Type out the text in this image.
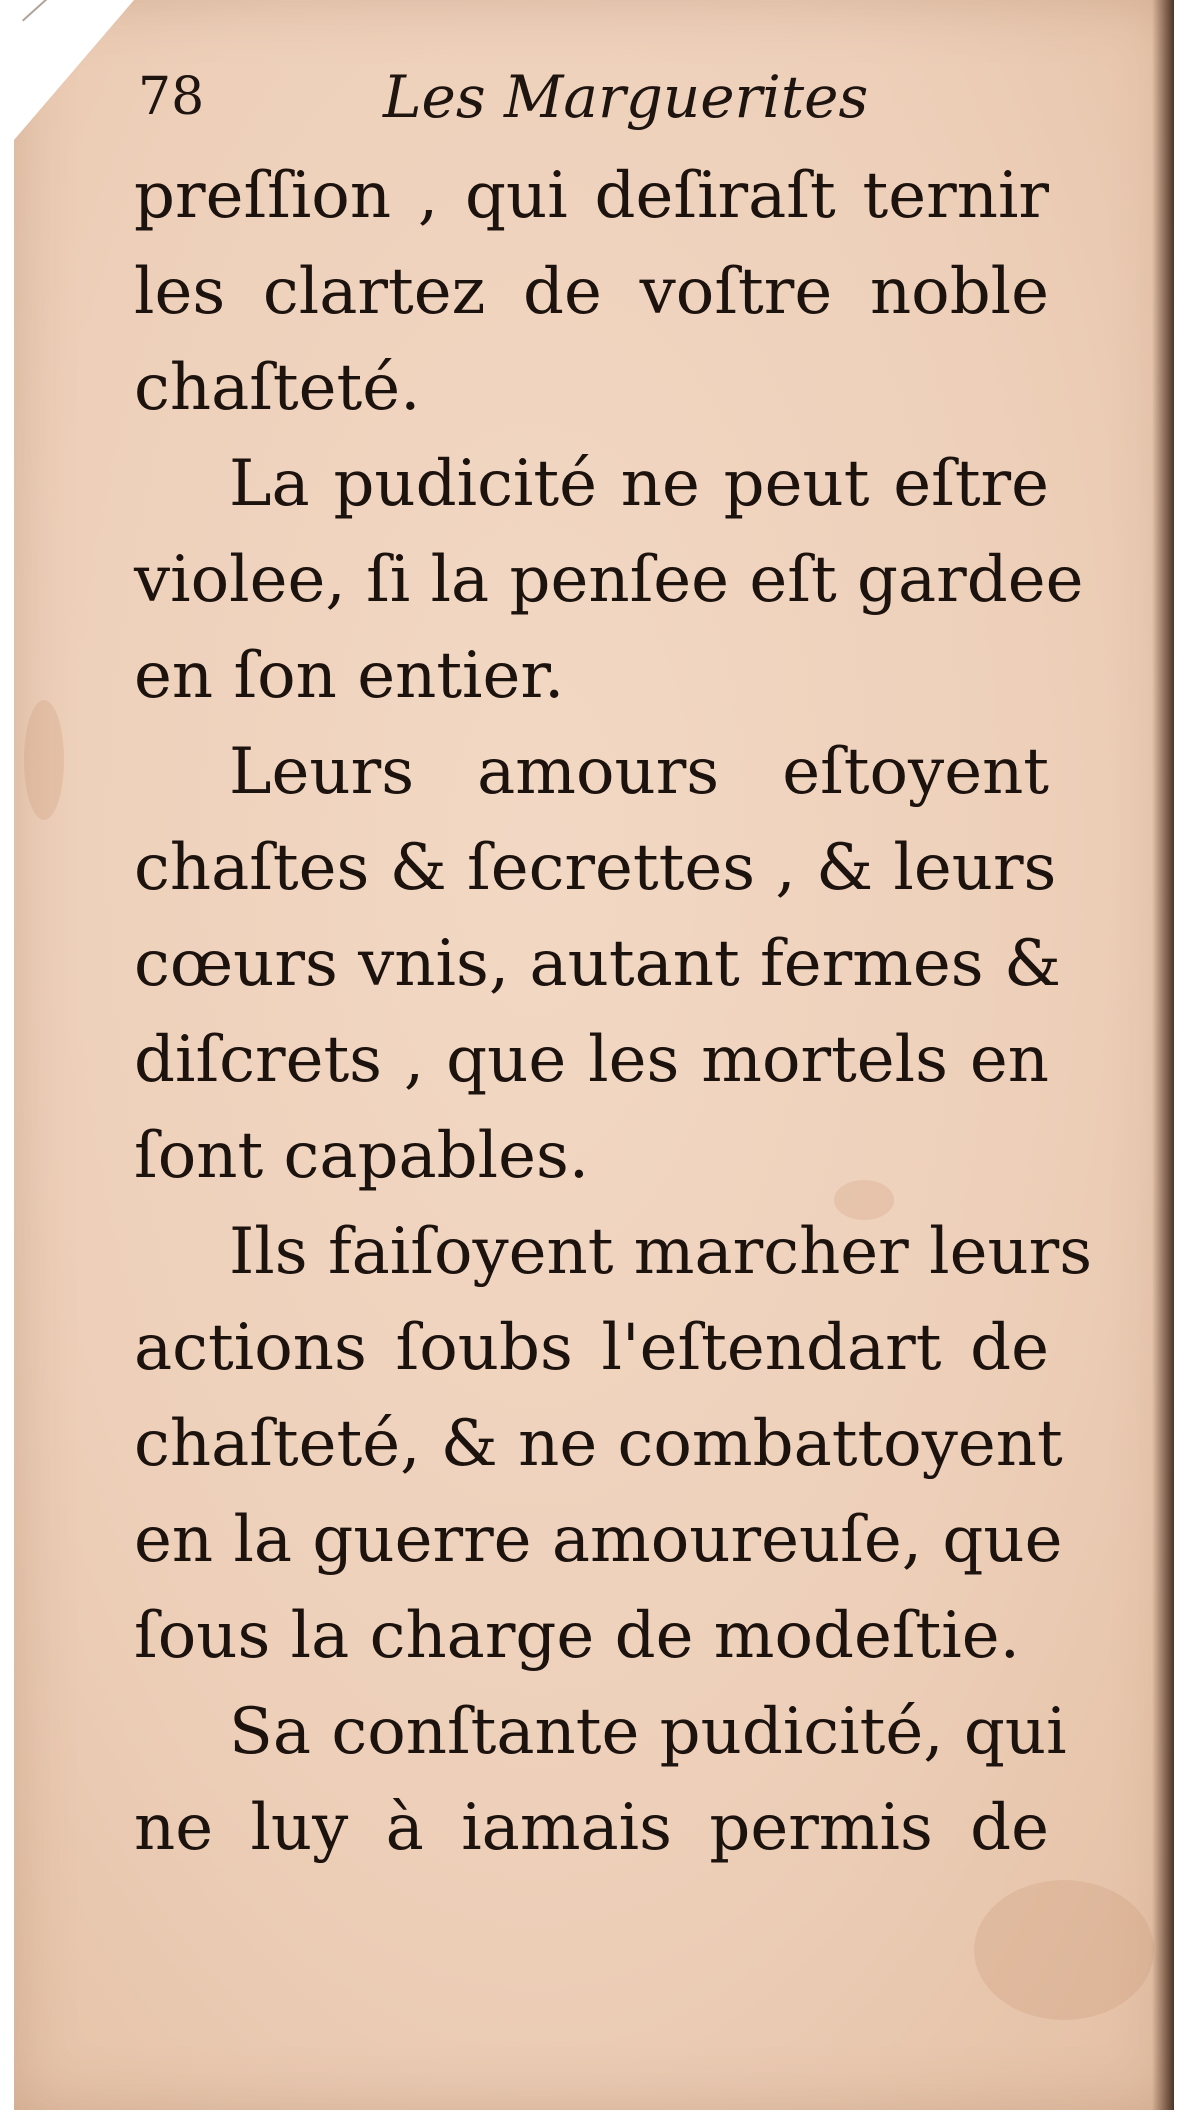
78	Les Marguerites
preſſion , qui deſiraſt ternir
les clartez de voſtre noble
chaſteté.
La pudicité ne peut eſtre
violee, ſi la penſee eſt gardee
en ſon entier.
Leurs amours eſtoyent
chaſtes & ſecrettes , & leurs
cœurs vnis, autant fermes &
diſcrets , que les mortels en
ſont capables.
Ils faiſoyent marcher leurs
actions ſoubs l'eſtendart de
chaſteté, & ne combattoyent
en la guerre amoureuſe, que
ſous la charge de modeſtie.
Sa conſtante pudicité, qui
ne luy à iamais permis de
